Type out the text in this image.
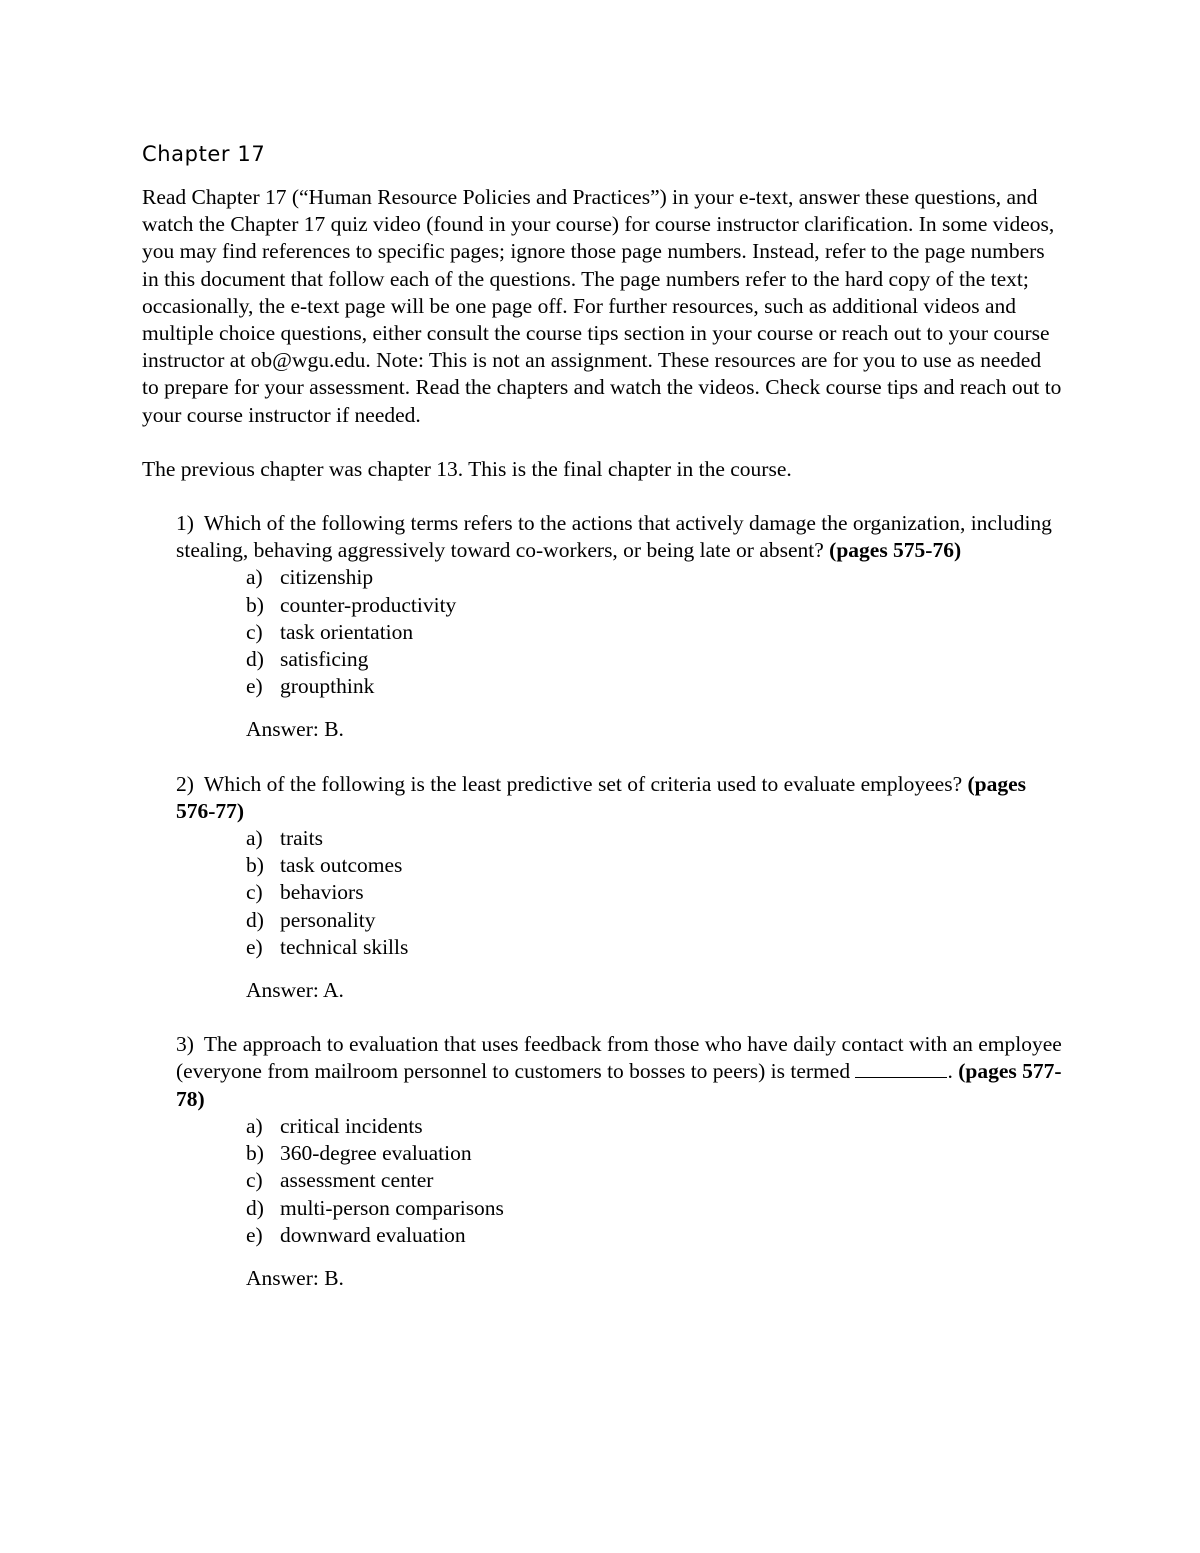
Chapter 17

Read Chapter 17 (“Human Resource Policies and Practices”) in your e-text, answer these questions, and watch the Chapter 17 quiz video (found in your course) for course instructor clarification. In some videos, you may find references to specific pages; ignore those page numbers. Instead, refer to the page numbers in this document that follow each of the questions. The page numbers refer to the hard copy of the text; occasionally, the e-text page will be one page off. For further resources, such as additional videos and multiple choice questions, either consult the course tips section in your course or reach out to your course instructor at ob@wgu.edu. Note: This is not an assignment. These resources are for you to use as needed to prepare for your assessment. Read the chapters and watch the videos. Check course tips and reach out to your course instructor if needed.

The previous chapter was chapter 13. This is the final chapter in the course.

1) Which of the following terms refers to the actions that actively damage the organization, including stealing, behaving aggressively toward co-workers, or being late or absent? (pages 575-76)

a) citizenship
b) counter-productivity
c) task orientation
d) satisficing
e) groupthink

Answer: B.

2) Which of the following is the least predictive set of criteria used to evaluate employees? (pages 576-77)

a) traits
b) task outcomes
c) behaviors
d) personality
e) technical skills

Answer: A.

3) The approach to evaluation that uses feedback from those who have daily contact with an employee (everyone from mailroom personnel to customers to bosses to peers) is termed	. (pages 577-78)

a) critical incidents
b) 360-degree evaluation
c) assessment center
d) multi-person comparisons
e) downward evaluation

Answer: B.
